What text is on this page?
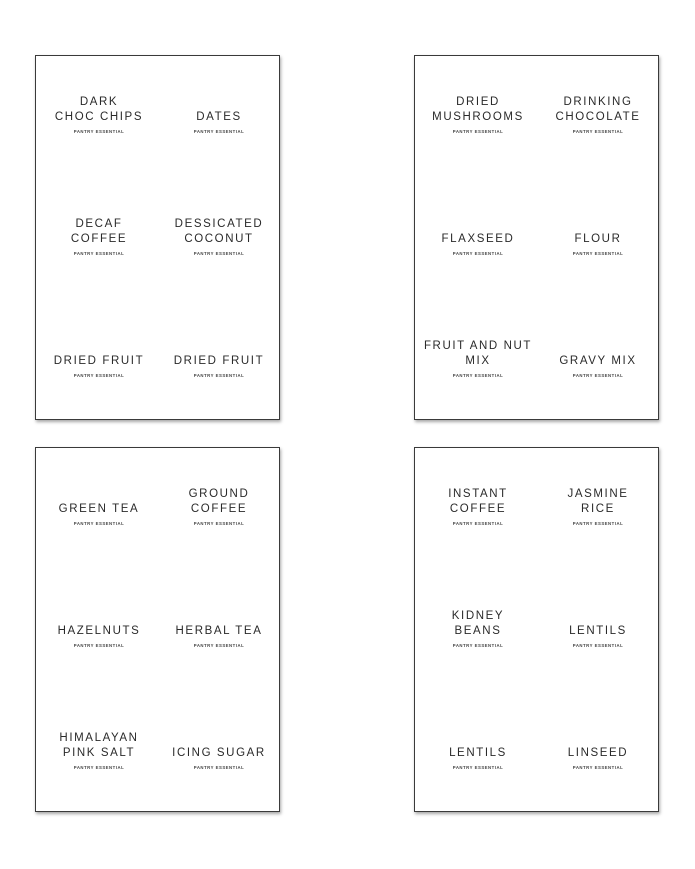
DARK
CHOC CHIPS
PANTRY ESSENTIAL
DATES
PANTRY ESSENTIAL
DECAF
COFFEE
PANTRY ESSENTIAL
DESSICATED
COCONUT
PANTRY ESSENTIAL
DRIED FRUIT
PANTRY ESSENTIAL
DRIED FRUIT
PANTRY ESSENTIAL
DRIED
MUSHROOMS
PANTRY ESSENTIAL
DRINKING
CHOCOLATE
PANTRY ESSENTIAL
FLAXSEED
PANTRY ESSENTIAL
FLOUR
PANTRY ESSENTIAL
FRUIT AND NUT
MIX
PANTRY ESSENTIAL
GRAVY MIX
PANTRY ESSENTIAL
GREEN TEA
PANTRY ESSENTIAL
GROUND
COFFEE
PANTRY ESSENTIAL
HAZELNUTS
PANTRY ESSENTIAL
HERBAL TEA
PANTRY ESSENTIAL
HIMALAYAN
PINK SALT
PANTRY ESSENTIAL
ICING SUGAR
PANTRY ESSENTIAL
INSTANT
COFFEE
PANTRY ESSENTIAL
JASMINE
RICE
PANTRY ESSENTIAL
KIDNEY
BEANS
PANTRY ESSENTIAL
LENTILS
PANTRY ESSENTIAL
LENTILS
PANTRY ESSENTIAL
LINSEED
PANTRY ESSENTIAL
